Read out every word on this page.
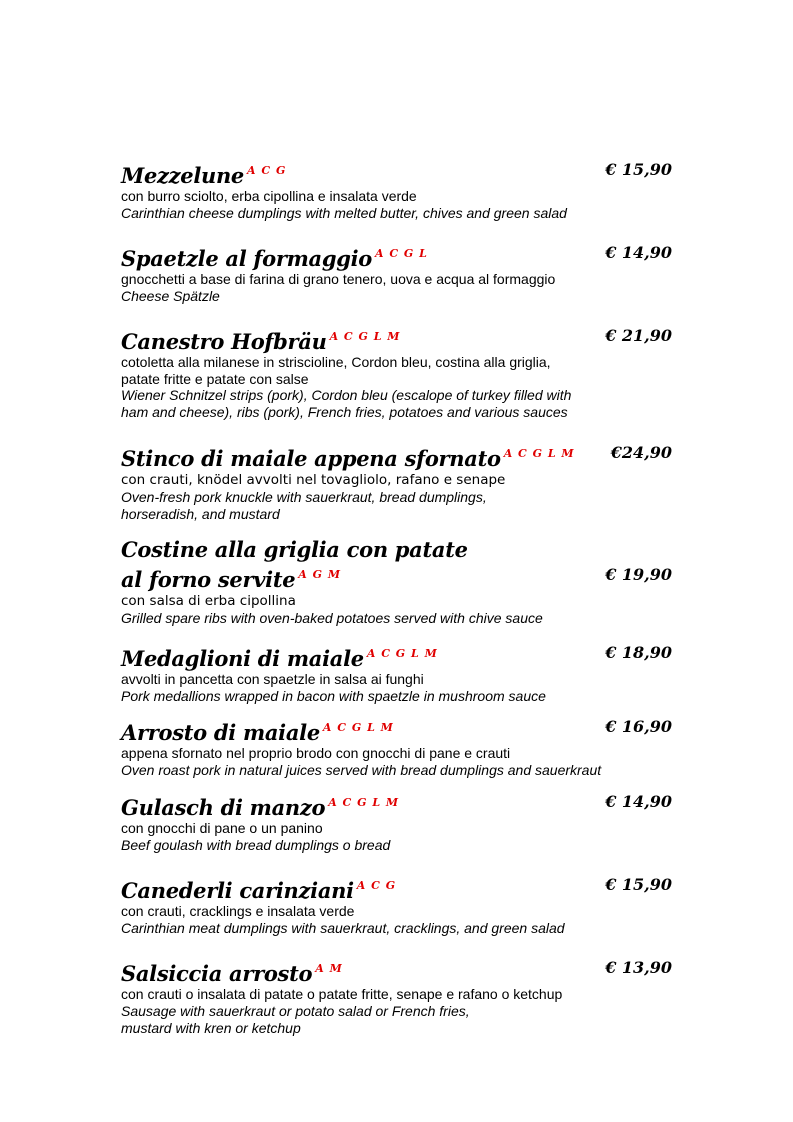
Mezzelune $^{A C G}$	€ 15,90
con burro sciolto, erba cipollina e insalata verde
Carinthian cheese dumplings with melted butter, chives and green salad
Spaetzle al formaggio $^{A C G L}$	€ 14,90
gnocchetti a base di farina di grano tenero, uova e acqua al formaggio
Cheese Spätzle
Canestro Hofbräu $^{A C G L M}$	€ 21,90
cotoletta alla milanese in striscioline, Cordon bleu, costina alla griglia,
patate fritte e patate con salse
Wiener Schnitzel strips (pork), Cordon bleu (escalope of turkey filled with
ham and cheese), ribs (pork), French fries, potatoes and various sauces
Stinco di maiale appena sfornato $^{A C G L M}$	€24,90
con crauti, knödel avvolti nel tovagliolo, rafano e senape
Oven-fresh pork knuckle with sauerkraut, bread dumplings,
horseradish, and mustard
Costine alla griglia con patate
al forno servite $^{A G M}$	€ 19,90
con salsa di erba cipollina
Grilled spare ribs with oven-baked potatoes served with chive sauce
Medaglioni di maiale $^{A C G L M}$	€ 18,90
avvolti in pancetta con spaetzle in salsa ai funghi
Pork medallions wrapped in bacon with spaetzle in mushroom sauce
Arrosto di maiale $^{A C G L M}$	€ 16,90
appena sfornato nel proprio brodo con gnocchi di pane e crauti
Oven roast pork in natural juices served with bread dumplings and sauerkraut
Gulasch di manzo $^{A C G L M}$	€ 14,90
con gnocchi di pane o un panino
Beef goulash with bread dumplings o bread
Canederli carinziani $^{A C G}$	€ 15,90
con crauti, cracklings e insalata verde
Carinthian meat dumplings with sauerkraut, cracklings, and green salad
Salsiccia arrosto $^{A M}$	€ 13,90
con crauti o insalata di patate o patate fritte, senape e rafano o ketchup
Sausage with sauerkraut or potato salad or French fries,
mustard with kren or ketchup
